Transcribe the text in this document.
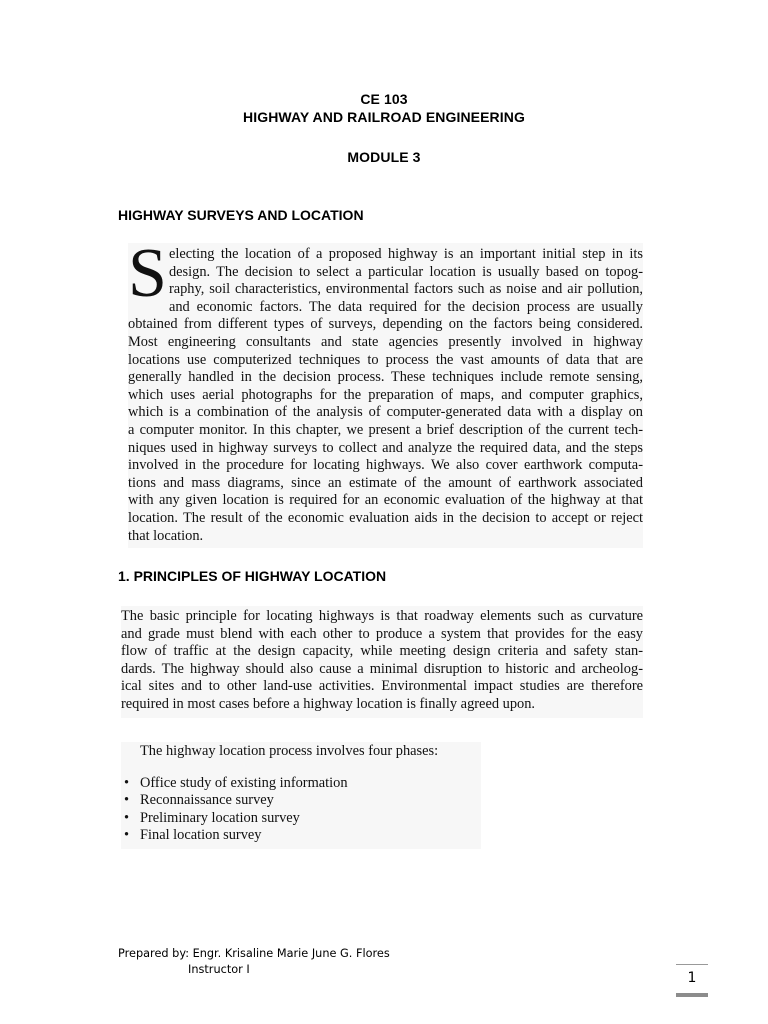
CE 103
HIGHWAY AND RAILROAD ENGINEERING
MODULE 3
HIGHWAY SURVEYS AND LOCATION
S electing the location of a proposed highway is an important initial step in its

design. The decision to select a particular location is usually based on topog-

raphy, soil characteristics, environmental factors such as noise and air pollution,

and economic factors. The data required for the decision process are usually

obtained from different types of surveys, depending on the factors being considered.

Most engineering consultants and state agencies presently involved in highway

locations use computerized techniques to process the vast amounts of data that are

generally handled in the decision process. These techniques include remote sensing,

which uses aerial photographs for the preparation of maps, and computer graphics,

which is a combination of the analysis of computer-generated data with a display on

a computer monitor. In this chapter, we present a brief description of the current tech-

niques used in highway surveys to collect and analyze the required data, and the steps

involved in the procedure for locating highways. We also cover earthwork computa-

tions and mass diagrams, since an estimate of the amount of earthwork associated

with any given location is required for an economic evaluation of the highway at that

location. The result of the economic evaluation aids in the decision to accept or reject

that location.

1. PRINCIPLES OF HIGHWAY LOCATION

The basic principle for locating highways is that roadway elements such as curvature

and grade must blend with each other to produce a system that provides for the easy

flow of traffic at the design capacity, while meeting design criteria and safety stan-

dards. The highway should also cause a minimal disruption to historic and archeolog-

ical sites and to other land-use activities. Environmental impact studies are therefore

required in most cases before a highway location is finally agreed upon.

The highway location process involves four phases:

• Office study of existing information
• Reconnaissance survey
• Preliminary location survey
• Final location survey
Prepared by: Engr. Krisaline Marie June G. Flores
Instructor I
1
